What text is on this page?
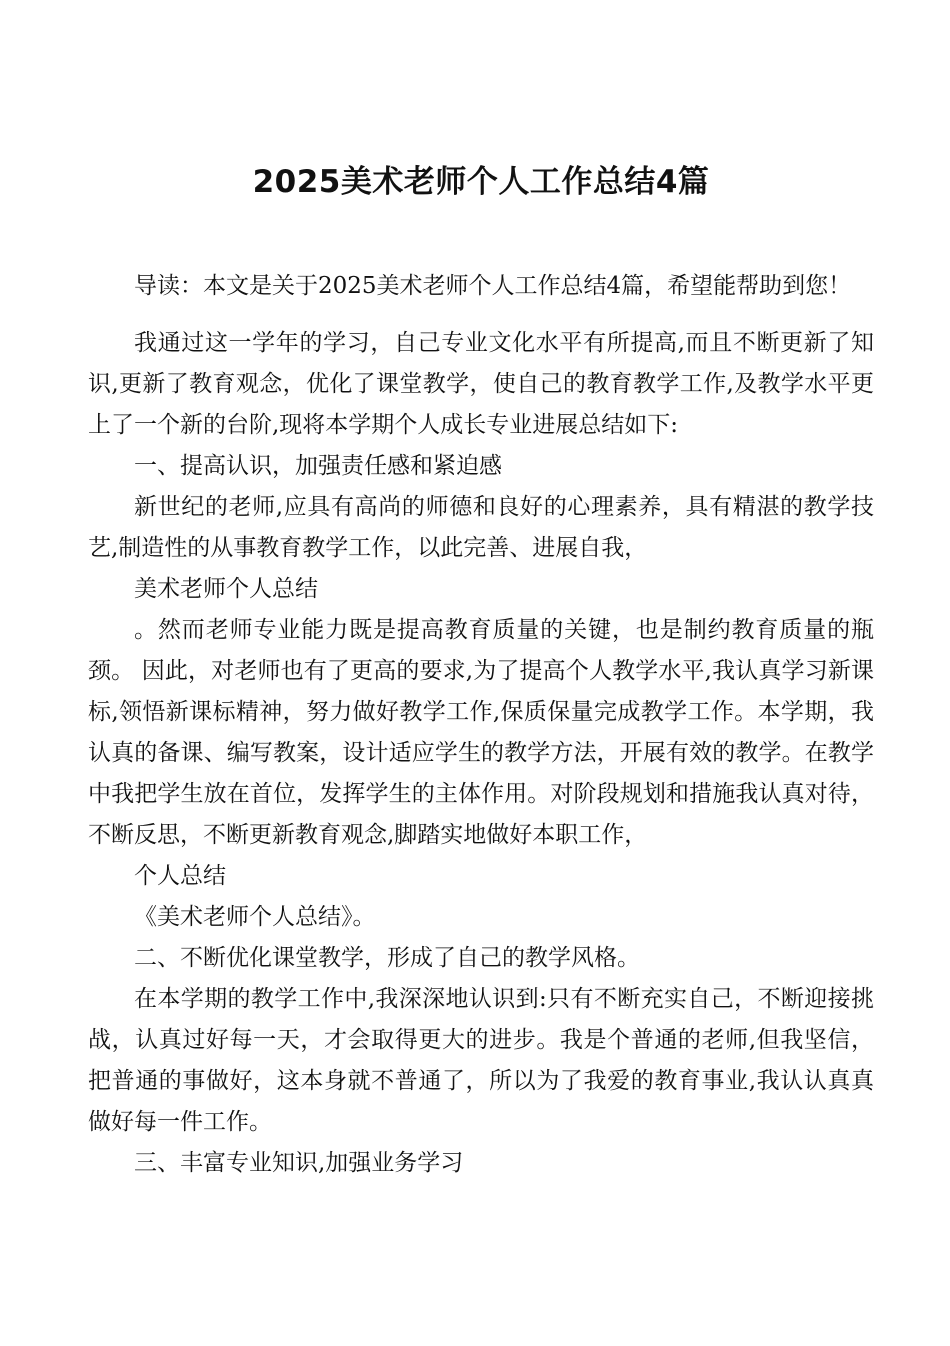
2025美术老师个人工作总结4篇

导读：本文是关于2025美术老师个人工作总结4篇，希望能帮助到您！

我通过这一学年的学习，自己专业文化水平有所提高,而且不断更新了知识,更新了教育观念，优化了课堂教学，使自己的教育教学工作,及教学水平更上了一个新的台阶,现将本学期个人成长专业进展总结如下:

一、提高认识，加强责任感和紧迫感

新世纪的老师,应具有高尚的师德和良好的心理素养，具有精湛的教学技艺,制造性的从事教育教学工作，以此完善、进展自我，

美术老师个人总结

。然而老师专业能力既是提高教育质量的关键，也是制约教育质量的瓶颈。 因此，对老师也有了更高的要求,为了提高个人教学水平,我认真学习新课标,领悟新课标精神，努力做好教学工作,保质保量完成教学工作。本学期，我认真的备课、编写教案，设计适应学生的教学方法，开展有效的教学。在教学中我把学生放在首位，发挥学生的主体作用。对阶段规划和措施我认真对待，不断反思，不断更新教育观念,脚踏实地做好本职工作，

个人总结

《美术老师个人总结》。

二、不断优化课堂教学，形成了自己的教学风格。

在本学期的教学工作中,我深深地认识到:只有不断充实自己，不断迎接挑战，认真过好每一天，才会取得更大的进步。我是个普通的老师,但我坚信，把普通的事做好，这本身就不普通了，所以为了我爱的教育事业,我认认真真做好每一件工作。

三、丰富专业知识,加强业务学习
